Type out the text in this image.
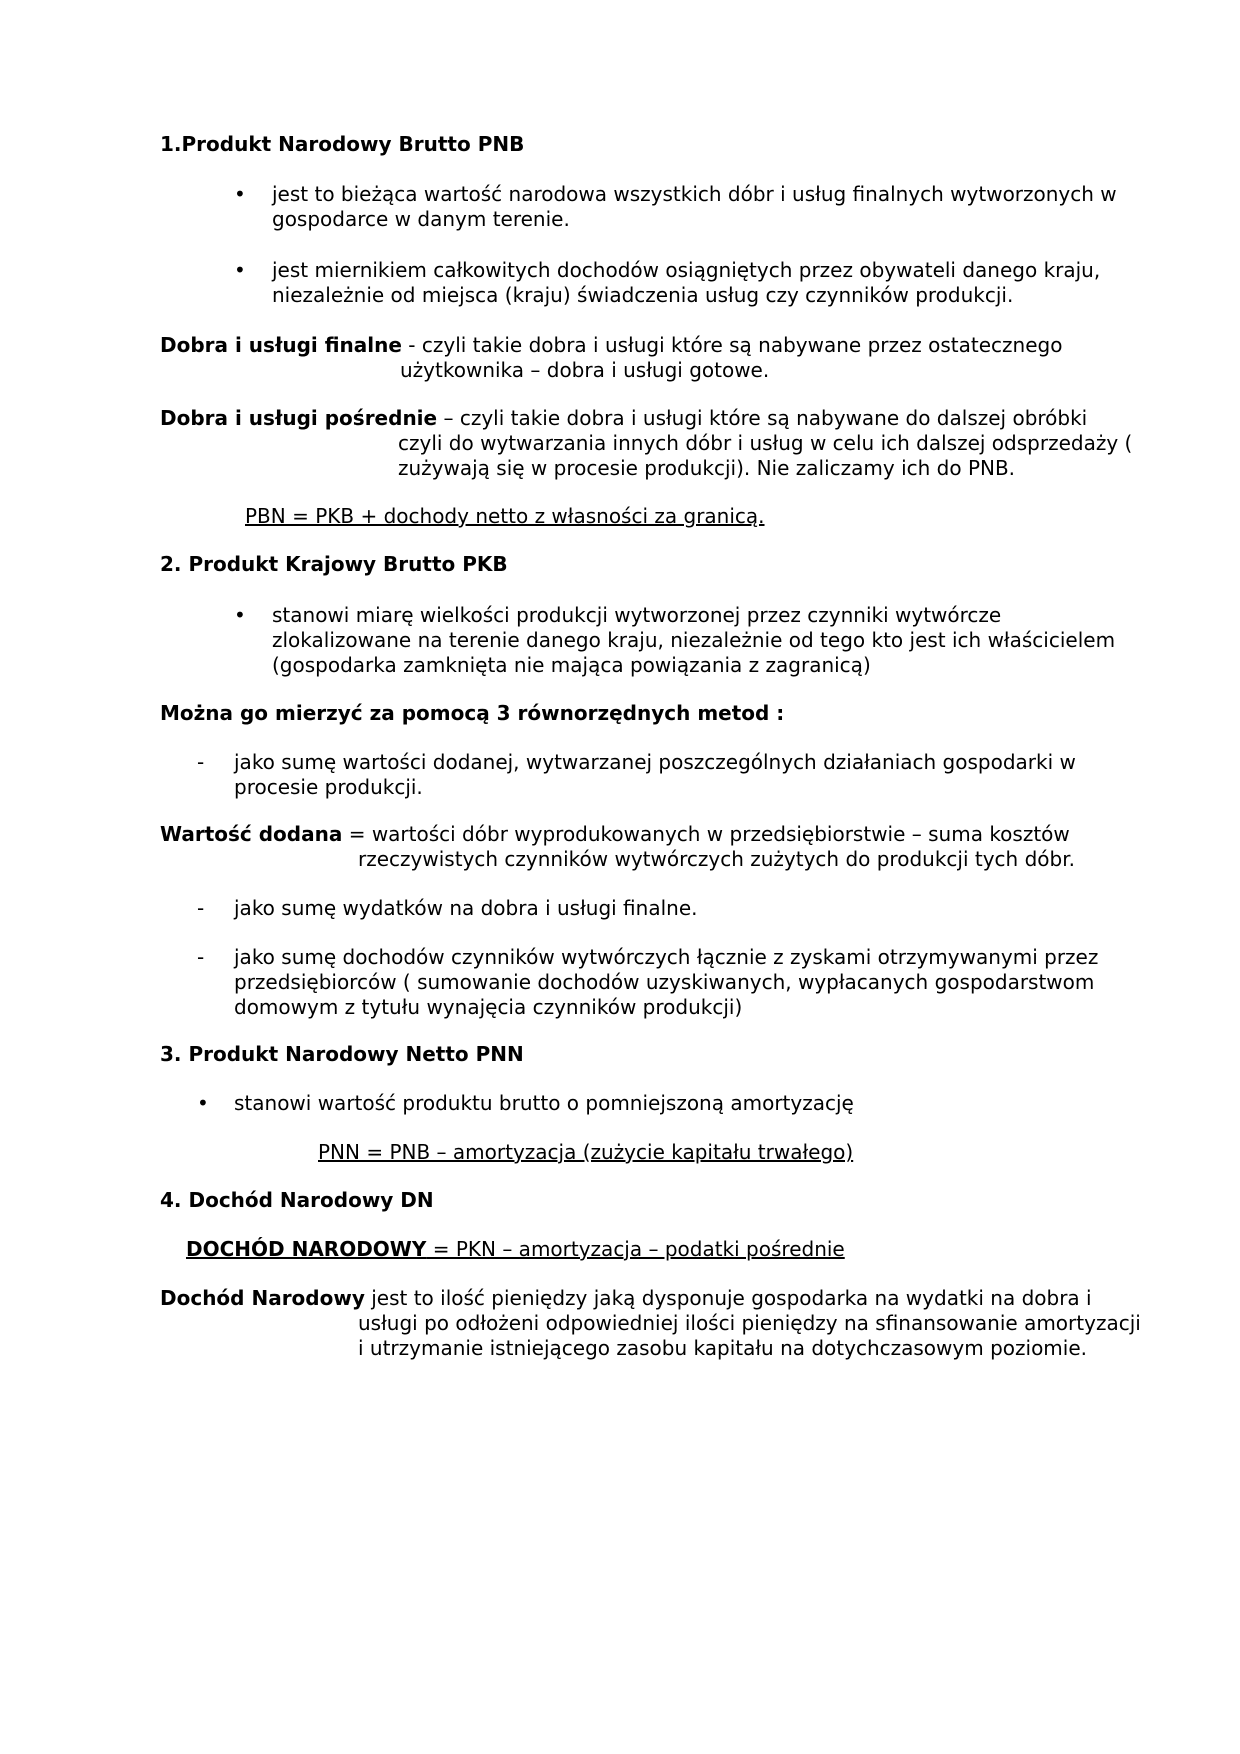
1.Produkt Narodowy Brutto PNB
• jest to bieżąca wartość narodowa wszystkich dóbr i usług finalnych wytworzonych w
gospodarce w danym terenie.
• jest miernikiem całkowitych dochodów osiągniętych przez obywateli danego kraju,
niezależnie od miejsca (kraju) świadczenia usług czy czynników produkcji.
Dobra i usługi finalne - czyli takie dobra i usługi które są nabywane przez ostatecznego
użytkownika – dobra i usługi gotowe.
Dobra i usługi pośrednie – czyli takie dobra i usługi które są nabywane do dalszej obróbki
czyli do wytwarzania innych dóbr i usług w celu ich dalszej odsprzedaży (
zużywają się w procesie produkcji). Nie zaliczamy ich do PNB.
PBN = PKB + dochody netto z własności za granicą.
2. Produkt Krajowy Brutto PKB
• stanowi miarę wielkości produkcji wytworzonej przez czynniki wytwórcze
zlokalizowane na terenie danego kraju, niezależnie od tego kto jest ich właścicielem
(gospodarka zamknięta nie mająca powiązania z zagranicą)
Można go mierzyć za pomocą 3 równorzędnych metod :
- jako sumę wartości dodanej, wytwarzanej poszczególnych działaniach gospodarki w
procesie produkcji.
Wartość dodana = wartości dóbr wyprodukowanych w przedsiębiorstwie – suma kosztów
rzeczywistych czynników wytwórczych zużytych do produkcji tych dóbr.
- jako sumę wydatków na dobra i usługi finalne.
- jako sumę dochodów czynników wytwórczych łącznie z zyskami otrzymywanymi przez
przedsiębiorców ( sumowanie dochodów uzyskiwanych, wypłacanych gospodarstwom
domowym z tytułu wynajęcia czynników produkcji)
3. Produkt Narodowy Netto PNN
• stanowi wartość produktu brutto o pomniejszoną amortyzację
PNN = PNB – amortyzacja (zużycie kapitału trwałego)
4. Dochód Narodowy DN
DOCHÓD NARODOWY = PKN – amortyzacja – podatki pośrednie
Dochód Narodowy jest to ilość pieniędzy jaką dysponuje gospodarka na wydatki na dobra i
usługi po odłożeni odpowiedniej ilości pieniędzy na sfinansowanie amortyzacji
i utrzymanie istniejącego zasobu kapitału na dotychczasowym poziomie.
